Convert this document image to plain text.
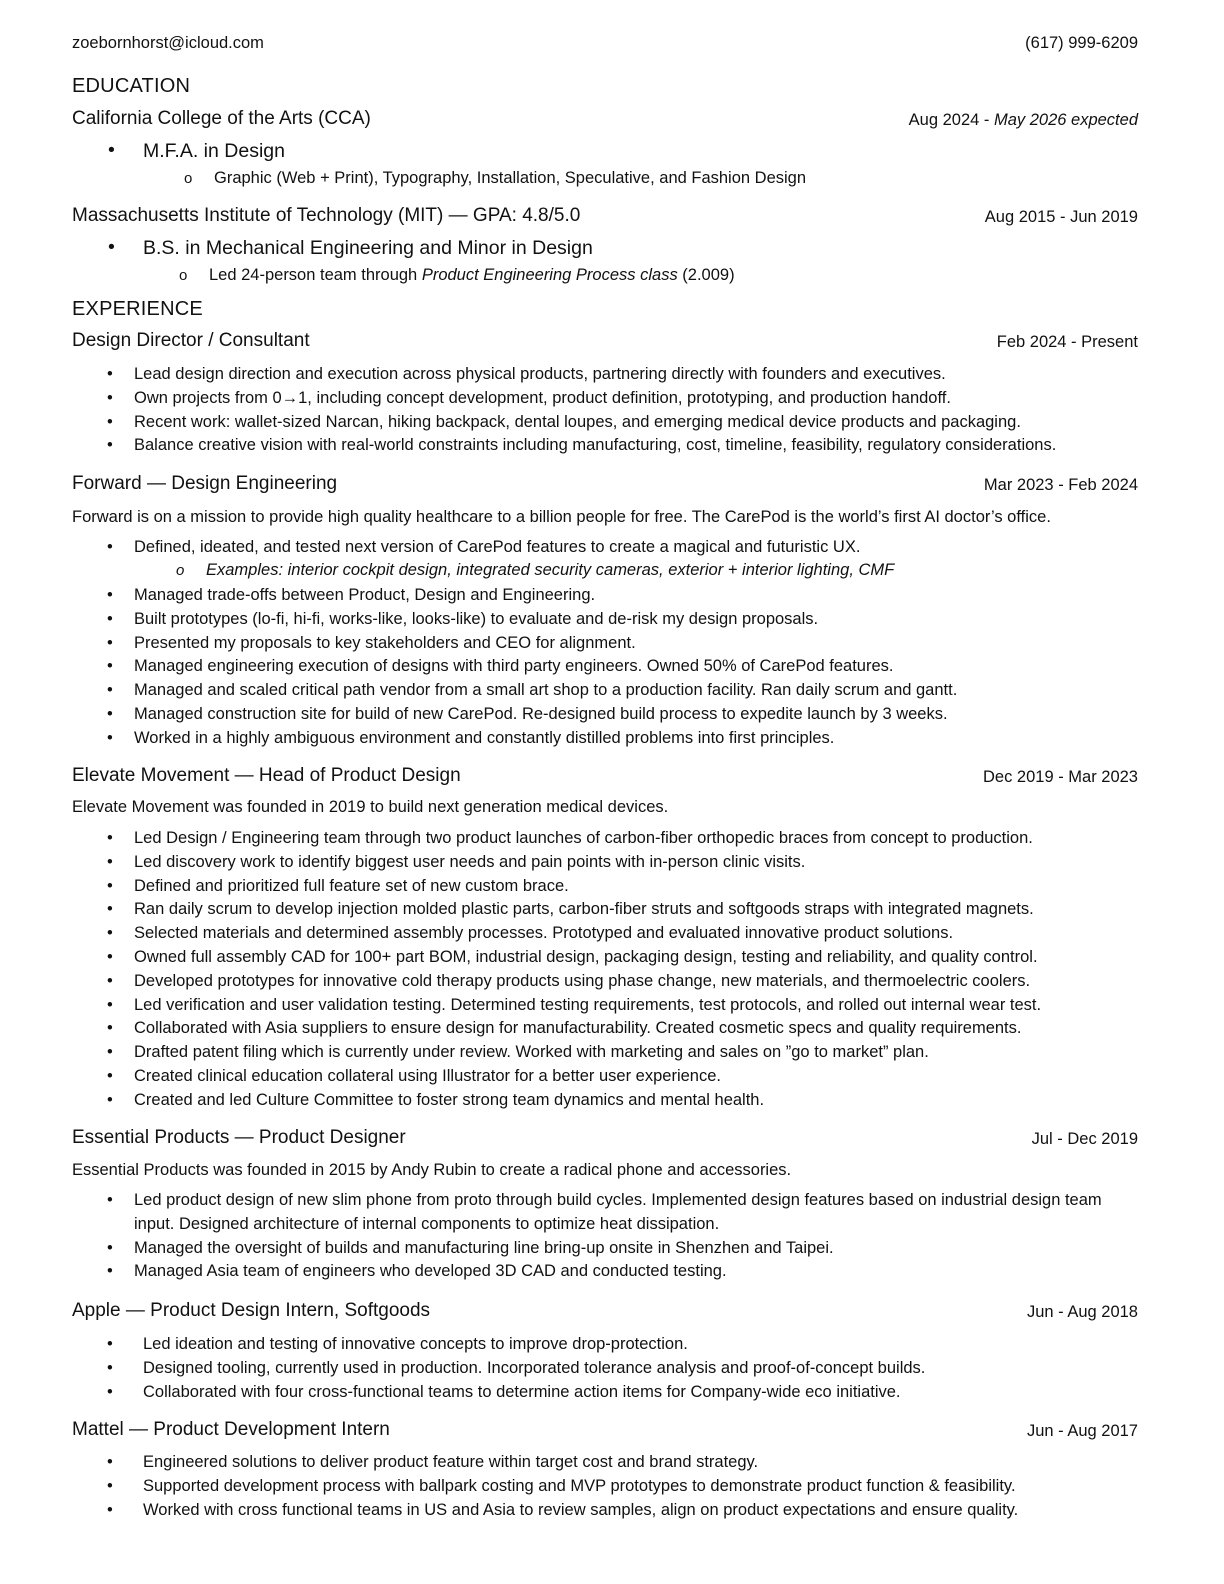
zoebornhorst@icloud.com	(617) 999-6209
EDUCATION
California College of the Arts (CCA)	Aug 2024 - May 2026 expected
• M.F.A. in Design
o Graphic (Web + Print), Typography, Installation, Speculative, and Fashion Design
Massachusetts Institute of Technology (MIT) — GPA: 4.8/5.0	Aug 2015 - Jun 2019
• B.S. in Mechanical Engineering and Minor in Design
o Led 24-person team through Product Engineering Process class (2.009)
EXPERIENCE
Design Director / Consultant	Feb 2024 - Present
• Lead design direction and execution across physical products, partnering directly with founders and executives.
• Own projects from 0→1, including concept development, product definition, prototyping, and production handoff.
• Recent work: wallet-sized Narcan, hiking backpack, dental loupes, and emerging medical device products and packaging.
• Balance creative vision with real-world constraints including manufacturing, cost, timeline, feasibility, regulatory considerations.
Forward — Design Engineering	Mar 2023 - Feb 2024
Forward is on a mission to provide high quality healthcare to a billion people for free. The CarePod is the world’s first AI doctor’s office.
• Defined, ideated, and tested next version of CarePod features to create a magical and futuristic UX.
o Examples: interior cockpit design, integrated security cameras, exterior + interior lighting, CMF
• Managed trade-offs between Product, Design and Engineering.
• Built prototypes (lo-fi, hi-fi, works-like, looks-like) to evaluate and de-risk my design proposals.
• Presented my proposals to key stakeholders and CEO for alignment.
• Managed engineering execution of designs with third party engineers. Owned 50% of CarePod features.
• Managed and scaled critical path vendor from a small art shop to a production facility. Ran daily scrum and gantt.
• Managed construction site for build of new CarePod. Re-designed build process to expedite launch by 3 weeks.
• Worked in a highly ambiguous environment and constantly distilled problems into first principles.
Elevate Movement — Head of Product Design	Dec 2019 - Mar 2023
Elevate Movement was founded in 2019 to build next generation medical devices.
• Led Design / Engineering team through two product launches of carbon-fiber orthopedic braces from concept to production.
• Led discovery work to identify biggest user needs and pain points with in-person clinic visits.
• Defined and prioritized full feature set of new custom brace.
• Ran daily scrum to develop injection molded plastic parts, carbon-fiber struts and softgoods straps with integrated magnets.
• Selected materials and determined assembly processes. Prototyped and evaluated innovative product solutions.
• Owned full assembly CAD for 100+ part BOM, industrial design, packaging design, testing and reliability, and quality control.
• Developed prototypes for innovative cold therapy products using phase change, new materials, and thermoelectric coolers.
• Led verification and user validation testing. Determined testing requirements, test protocols, and rolled out internal wear test.
• Collaborated with Asia suppliers to ensure design for manufacturability. Created cosmetic specs and quality requirements.
• Drafted patent filing which is currently under review. Worked with marketing and sales on ”go to market” plan.
• Created clinical education collateral using Illustrator for a better user experience.
• Created and led Culture Committee to foster strong team dynamics and mental health.
Essential Products — Product Designer	Jul - Dec 2019
Essential Products was founded in 2015 by Andy Rubin to create a radical phone and accessories.
• Led product design of new slim phone from proto through build cycles. Implemented design features based on industrial design team input. Designed architecture of internal components to optimize heat dissipation.
• Managed the oversight of builds and manufacturing line bring-up onsite in Shenzhen and Taipei.
• Managed Asia team of engineers who developed 3D CAD and conducted testing.
Apple — Product Design Intern, Softgoods	Jun - Aug 2018
• Led ideation and testing of innovative concepts to improve drop-protection.
• Designed tooling, currently used in production. Incorporated tolerance analysis and proof-of-concept builds.
• Collaborated with four cross-functional teams to determine action items for Company-wide eco initiative.
Mattel — Product Development Intern	Jun - Aug 2017
• Engineered solutions to deliver product feature within target cost and brand strategy.
• Supported development process with ballpark costing and MVP prototypes to demonstrate product function & feasibility.
• Worked with cross functional teams in US and Asia to review samples, align on product expectations and ensure quality.
